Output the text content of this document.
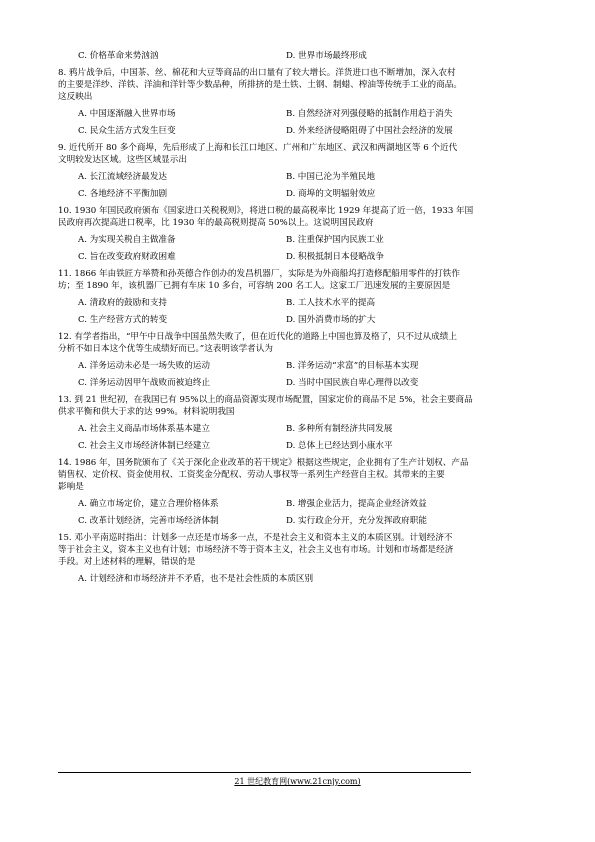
C. 价格革命来势汹汹	D. 世界市场最终形成

8. 鸦片战争后，中国茶、丝、棉花和大豆等商品的出口量有了较大增长。洋货进口也不断增加，深入农村

的主要是洋纱、洋铁、洋油和洋针等少数品种，所排挤的是土铁、土钢、制蜡、榨油等传统手工业的商品。

这反映出

A. 中国逐渐融入世界市场	B. 自然经济对列强侵略的抵制作用趋于消失
C. 民众生活方式发生巨变	D. 外来经济侵略阻碍了中国社会经济的发展

9. 近代所开 80 多个商埠，先后形成了上海和长江口地区、广州和广东地区、武汉和两湖地区等 6 个近代

文明较发达区域。这些区域显示出

A. 长江流域经济最发达	B. 中国已沦为半殖民地
C. 各地经济不平衡加剧	D. 商埠的文明辐射效应

10. 1930 年国民政府颁布《国家进口关税税则》，将进口税的最高税率比 1929 年提高了近一倍，1933 年国

民政府再次提高进口税率，比 1930 年的最高税则提高 50%以上。这说明国民政府

A. 为实现关税自主做准备	B. 注重保护国内民族工业
C. 旨在改变政府财政困难	D. 积极抵制日本侵略战争

11. 1866 年由铁匠方举赞和孙英德合作创办的发昌机器厂，实际是为外商船坞打造修配船用零件的打铁作

坊；至 1890 年，该机器厂已拥有车床 10 多台，可容纳 200 名工人。这家工厂迅速发展的主要原因是

A. 清政府的鼓励和支持	B. 工人技术水平的提高
C. 生产经营方式的转变	D. 国外消费市场的扩大

12. 有学者指出，“甲午中日战争中国虽然失败了，但在近代化的道路上中国也算及格了，只不过从成绩上

分析不如日本这个优等生成绩好而已。”这表明该学者认为

A. 洋务运动未必是一场失败的运动	B. 洋务运动“求富”的目标基本实现
C. 洋务运动因甲午战败而被迫终止	D. 当时中国民族自卑心理得以改变

13. 到 21 世纪初，在我国已有 95%以上的商品资源实现市场配置，国家定价的商品不足 5%，社会主要商品

供求平衡和供大于求的达 99%。材料说明我国

A. 社会主义商品市场体系基本建立	B. 多种所有制经济共同发展
C. 社会主义市场经济体制已经建立	D. 总体上已经达到小康水平

14. 1986 年，国务院颁布了《关于深化企业改革的若干规定》根据这些规定，企业拥有了生产计划权、产品

销售权、定价权、资金使用权、工资奖金分配权、劳动人事权等一系列生产经营自主权。其带来的主要

影响是

A. 确立市场定价，建立合理价格体系	B. 增强企业活力，提高企业经济效益
C. 改革计划经济，完善市场经济体制	D. 实行政企分开，充分发挥政府职能

15. 邓小平南巡时指出：计划多一点还是市场多一点，不是社会主义和资本主义的本质区别。计划经济不

等于社会主义，资本主义也有计划；市场经济不等于资本主义，社会主义也有市场。计划和市场都是经济

手段。对上述材料的理解，错误的是

A. 计划经济和市场经济并不矛盾，也不是社会性质的本质区别
21 世纪教育网(www.21cnjy.com)
